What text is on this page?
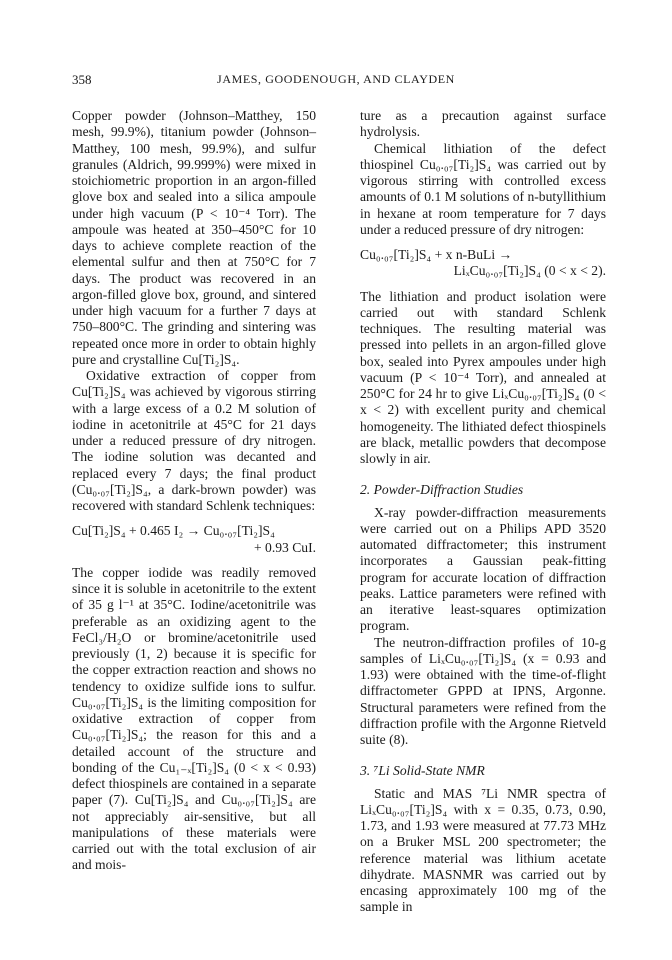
358	JAMES, GOODENOUGH, AND CLAYDEN

Copper powder (Johnson–Matthey, 150 mesh, 99.9%), titanium powder (Johnson–Matthey, 100 mesh, 99.9%), and sulfur granules (Aldrich, 99.999%) were mixed in stoichiometric proportion in an argon-filled glove box and sealed into a silica ampoule under high vacuum (P < 10⁻⁴ Torr). The ampoule was heated at 350–450°C for 10 days to achieve complete reaction of the elemental sulfur and then at 750°C for 7 days. The product was recovered in an argon-filled glove box, ground, and sintered under high vacuum for a further 7 days at 750–800°C. The grinding and sintering was repeated once more in order to obtain highly pure and crystalline Cu[Ti₂]S₄.

Oxidative extraction of copper from Cu[Ti₂]S₄ was achieved by vigorous stirring with a large excess of a 0.2 M solution of iodine in acetonitrile at 45°C for 21 days under a reduced pressure of dry nitrogen. The iodine solution was decanted and replaced every 7 days; the final product (Cu₀.₀₇[Ti₂]S₄, a dark-brown powder) was recovered with standard Schlenk techniques:

Cu[Ti₂]S₄ + 0.465 I₂ → Cu₀.₀₇[Ti₂]S₄
+ 0.93 CuI.

The copper iodide was readily removed since it is soluble in acetonitrile to the extent of 35 g l⁻¹ at 35°C. Iodine/acetonitrile was preferable as an oxidizing agent to the FeCl₃/H₂O or bromine/acetonitrile used previously (1, 2) because it is specific for the copper extraction reaction and shows no tendency to oxidize sulfide ions to sulfur. Cu₀.₀₇[Ti₂]S₄ is the limiting composition for oxidative extraction of copper from Cu₀.₀₇[Ti₂]S₄; the reason for this and a detailed account of the structure and bonding of the Cu₁₋ₓ[Ti₂]S₄ (0 < x < 0.93) defect thiospinels are contained in a separate paper (7). Cu[Ti₂]S₄ and Cu₀.₀₇[Ti₂]S₄ are not appreciably air-sensitive, but all manipulations of these materials were carried out with the total exclusion of air and mois-

ture as a precaution against surface hydrolysis.

Chemical lithiation of the defect thiospinel Cu₀.₀₇[Ti₂]S₄ was carried out by vigorous stirring with controlled excess amounts of 0.1 M solutions of n-butyllithium in hexane at room temperature for 7 days under a reduced pressure of dry nitrogen:

Cu₀.₀₇[Ti₂]S₄ + x n-BuLi →
LiₓCu₀.₀₇[Ti₂]S₄ (0 < x < 2).

The lithiation and product isolation were carried out with standard Schlenk techniques. The resulting material was pressed into pellets in an argon-filled glove box, sealed into Pyrex ampoules under high vacuum (P < 10⁻⁴ Torr), and annealed at 250°C for 24 hr to give LiₓCu₀.₀₇[Ti₂]S₄ (0 < x < 2) with excellent purity and chemical homogeneity. The lithiated defect thiospinels are black, metallic powders that decompose slowly in air.

2. Powder-Diffraction Studies

X-ray powder-diffraction measurements were carried out on a Philips APD 3520 automated diffractometer; this instrument incorporates a Gaussian peak-fitting program for accurate location of diffraction peaks. Lattice parameters were refined with an iterative least-squares optimization program.

The neutron-diffraction profiles of 10-g samples of LiₓCu₀.₀₇[Ti₂]S₄ (x = 0.93 and 1.93) were obtained with the time-of-flight diffractometer GPPD at IPNS, Argonne. Structural parameters were refined from the diffraction profile with the Argonne Rietveld suite (8).

3. ⁷Li Solid-State NMR

Static and MAS ⁷Li NMR spectra of LiₓCu₀.₀₇[Ti₂]S₄ with x = 0.35, 0.73, 0.90, 1.73, and 1.93 were measured at 77.73 MHz on a Bruker MSL 200 spectrometer; the reference material was lithium acetate dihydrate. MASNMR was carried out by encasing approximately 100 mg of the sample in
